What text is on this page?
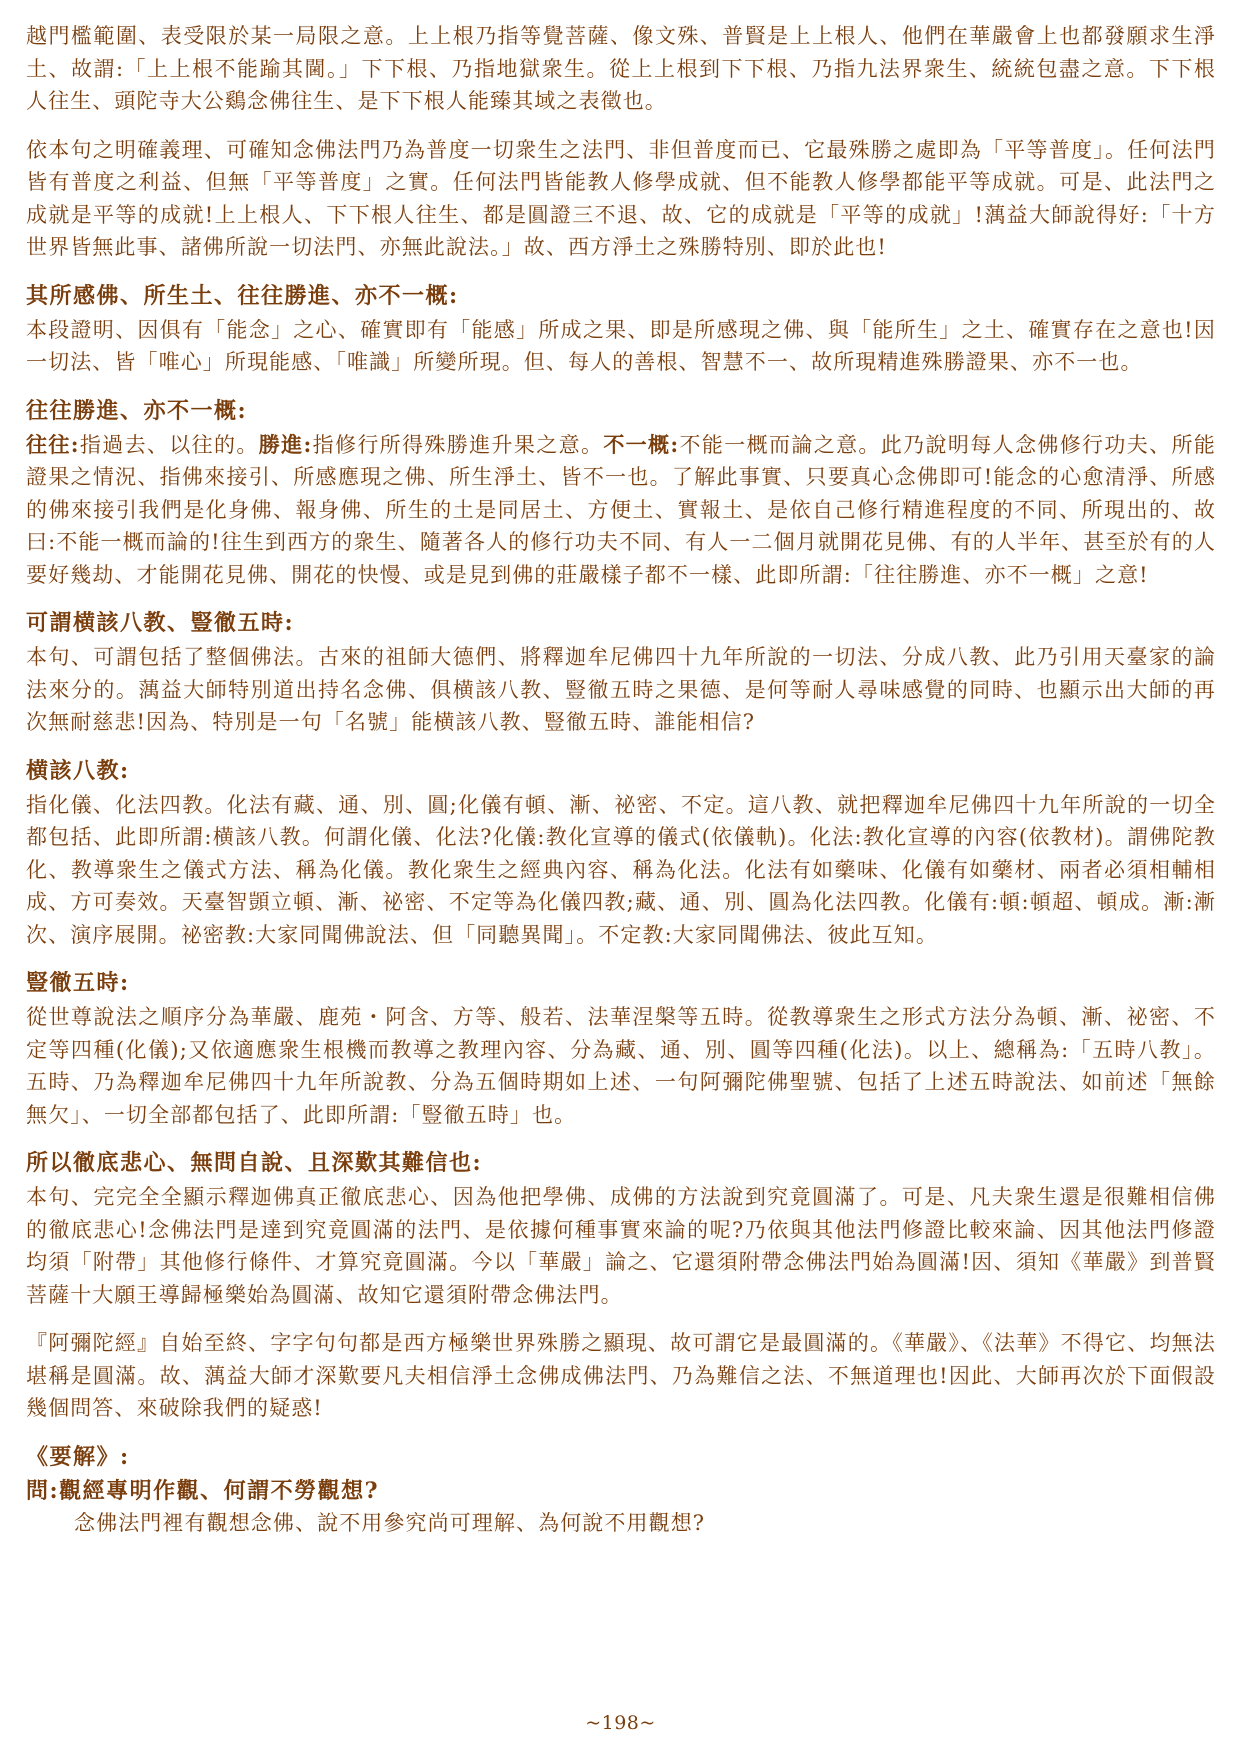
越門檻範圍、表受限於某一局限之意。上上根乃指等覺菩薩、像文殊、普賢是上上根人、他們在華嚴會上也都發願求生淨土、故謂:「上上根不能踰其閫。」下下根、乃指地獄衆生。從上上根到下下根、乃指九法界衆生、統統包盡之意。下下根人往生、頭陀寺大公鷄念佛往生、是下下根人能臻其域之表徵也。

依本句之明確義理、可確知念佛法門乃為普度一切衆生之法門、非但普度而已、它最殊勝之處即為「平等普度」。任何法門皆有普度之利益、但無「平等普度」之實。任何法門皆能教人修學成就、但不能教人修學都能平等成就。可是、此法門之成就是平等的成就!上上根人、下下根人往生、都是圓證三不退、故、它的成就是「平等的成就」!蕅益大師說得好:「十方世界皆無此事、諸佛所說一切法門、亦無此說法。」故、西方淨土之殊勝特別、即於此也!

其所感佛、所生土、往往勝進、亦不一概:

本段證明、因俱有「能念」之心、確實即有「能感」所成之果、即是所感現之佛、與「能所生」之土、確實存在之意也!因一切法、皆「唯心」所現能感、「唯識」所變所現。但、每人的善根、智慧不一、故所現精進殊勝證果、亦不一也。

往往勝進、亦不一概:

往往:指過去、以往的。勝進:指修行所得殊勝進升果之意。不一概:不能一概而論之意。此乃說明每人念佛修行功夫、所能證果之情況、指佛來接引、所感應現之佛、所生淨土、皆不一也。了解此事實、只要真心念佛即可!能念的心愈清淨、所感的佛來接引我們是化身佛、報身佛、所生的土是同居土、方便土、實報土、是依自己修行精進程度的不同、所現出的、故曰:不能一概而論的!往生到西方的衆生、隨著各人的修行功夫不同、有人一二個月就開花見佛、有的人半年、甚至於有的人要好幾劫、才能開花見佛、開花的快慢、或是見到佛的莊嚴樣子都不一樣、此即所謂:「往往勝進、亦不一概」之意!

可謂横該八教、豎徹五時:

本句、可謂包括了整個佛法。古來的祖師大德們、將釋迦牟尼佛四十九年所說的一切法、分成八教、此乃引用天臺家的論法來分的。蕅益大師特別道出持名念佛、俱横該八教、豎徹五時之果德、是何等耐人尋味感覺的同時、也顯示出大師的再次無耐慈悲!因為、特別是一句「名號」能横該八教、豎徹五時、誰能相信?

横該八教:

指化儀、化法四教。化法有藏、通、別、圓;化儀有頓、漸、祕密、不定。這八教、就把釋迦牟尼佛四十九年所說的一切全都包括、此即所謂:横該八教。何謂化儀、化法?化儀:教化宣導的儀式(依儀軌)。化法:教化宣導的內容(依教材)。謂佛陀教化、教導衆生之儀式方法、稱為化儀。教化衆生之經典內容、稱為化法。化法有如藥味、化儀有如藥材、兩者必須相輔相成、方可奏效。天臺智顗立頓、漸、祕密、不定等為化儀四教;藏、通、別、圓為化法四教。化儀有:頓:頓超、頓成。漸:漸次、演序展開。祕密教:大家同聞佛說法、但「同聽異聞」。不定教:大家同聞佛法、彼此互知。

豎徹五時:

從世尊說法之順序分為華嚴、鹿苑・阿含、方等、般若、法華涅槃等五時。從教導衆生之形式方法分為頓、漸、祕密、不定等四種(化儀);又依適應衆生根機而教導之教理內容、分為藏、通、別、圓等四種(化法)。以上、總稱為:「五時八教」。五時、乃為釋迦牟尼佛四十九年所說教、分為五個時期如上述、一句阿彌陀佛聖號、包括了上述五時說法、如前述「無餘無欠」、一切全部都包括了、此即所謂:「豎徹五時」也。

所以徹底悲心、無問自說、且深歎其難信也:

本句、完完全全顯示釋迦佛真正徹底悲心、因為他把學佛、成佛的方法說到究竟圓滿了。可是、凡夫衆生還是很難相信佛的徹底悲心!念佛法門是達到究竟圓滿的法門、是依據何種事實來論的呢?乃依與其他法門修證比較來論、因其他法門修證均須「附帶」其他修行條件、才算究竟圓滿。今以「華嚴」論之、它還須附帶念佛法門始為圓滿!因、須知《華嚴》到普賢菩薩十大願王導歸極樂始為圓滿、故知它還須附帶念佛法門。

『阿彌陀經』自始至終、字字句句都是西方極樂世界殊勝之顯現、故可謂它是最圓滿的。《華嚴》、《法華》不得它、均無法堪稱是圓滿。故、蕅益大師才深歎要凡夫相信淨土念佛成佛法門、乃為難信之法、不無道理也!因此、大師再次於下面假設幾個問答、來破除我們的疑惑!

《要解》:
問:觀經專明作觀、何謂不勞觀想?

念佛法門裡有觀想念佛、說不用參究尚可理解、為何說不用觀想?

~198~
